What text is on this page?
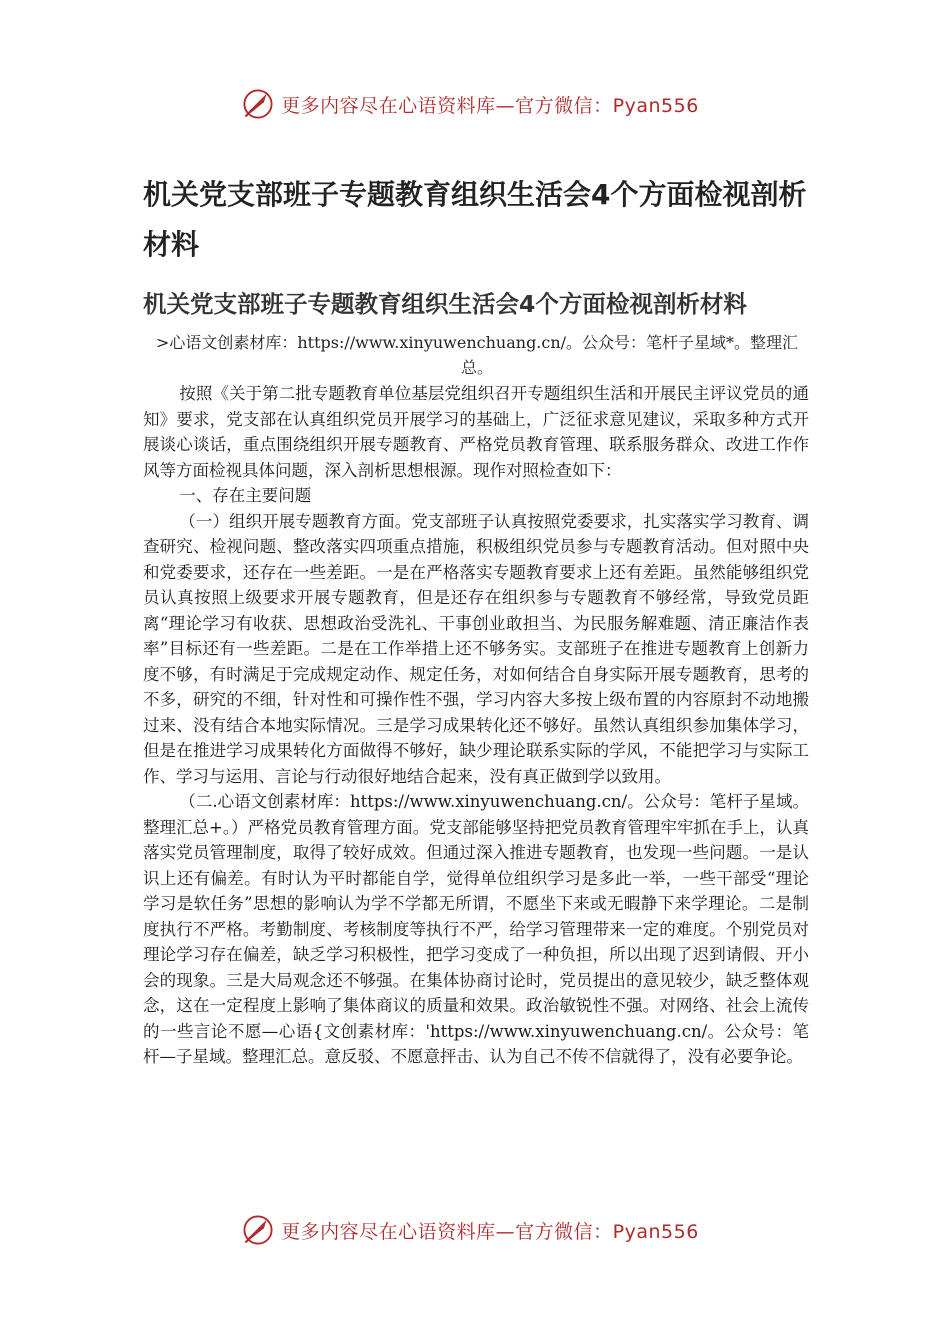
更多内容尽在心语资料库—官方微信：Pyan556
机关党支部班子专题教育组织生活会4个方面检视剖析材料
机关党支部班子专题教育组织生活会4个方面检视剖析材料
>心语文创素材库：https://www.xinyuwenchuang.cn/。公众号：笔杆子星域*。整理汇总。

按照《关于第二批专题教育单位基层党组织召开专题组织生活和开展民主评议党员的通知》要求，党支部在认真组织党员开展学习的基础上，广泛征求意见建议，采取多种方式开展谈心谈话，重点围绕组织开展专题教育、严格党员教育管理、联系服务群众、改进工作作风等方面检视具体问题，深入剖析思想根源。现作对照检查如下：

一、存在主要问题

（一）组织开展专题教育方面。党支部班子认真按照党委要求，扎实落实学习教育、调查研究、检视问题、整改落实四项重点措施，积极组织党员参与专题教育活动。但对照中央和党委要求，还存在一些差距。一是在严格落实专题教育要求上还有差距。虽然能够组织党员认真按照上级要求开展专题教育，但是还存在组织参与专题教育不够经常，导致党员距离“理论学习有收获、思想政治受洗礼、干事创业敢担当、为民服务解难题、清正廉洁作表率”目标还有一些差距。二是在工作举措上还不够务实。支部班子在推进专题教育上创新力度不够，有时满足于完成规定动作、规定任务，对如何结合自身实际开展专题教育，思考的不多，研究的不细，针对性和可操作性不强，学习内容大多按上级布置的内容原封不动地搬过来、没有结合本地实际情况。三是学习成果转化还不够好。虽然认真组织参加集体学习，但是在推进学习成果转化方面做得不够好，缺少理论联系实际的学风，不能把学习与实际工作、学习与运用、言论与行动很好地结合起来，没有真正做到学以致用。

（二.心语文创素材库：https://www.xinyuwenchuang.cn/。公众号：笔杆子星域。整理汇总+。）严格党员教育管理方面。党支部能够坚持把党员教育管理牢牢抓在手上，认真落实党员管理制度，取得了较好成效。但通过深入推进专题教育，也发现一些问题。一是认识上还有偏差。有时认为平时都能自学，觉得单位组织学习是多此一举，一些干部受“理论学习是软任务”思想的影响认为学不学都无所谓，不愿坐下来或无暇静下来学理论。二是制度执行不严格。考勤制度、考核制度等执行不严，给学习管理带来一定的难度。个别党员对理论学习存在偏差，缺乏学习积极性，把学习变成了一种负担，所以出现了迟到请假、开小会的现象。三是大局观念还不够强。在集体协商讨论时，党员提出的意见较少，缺乏整体观念，这在一定程度上影响了集体商议的质量和效果。政治敏锐性不强。对网络、社会上流传的一些言论不愿—心语{文创素材库：'https://www.xinyuwenchuang.cn/。公众号：笔杆—子星域。整理汇总。意反驳、不愿意抨击、认为自己不传不信就得了，没有必要争论。

更多内容尽在心语资料库—官方微信：Pyan556
